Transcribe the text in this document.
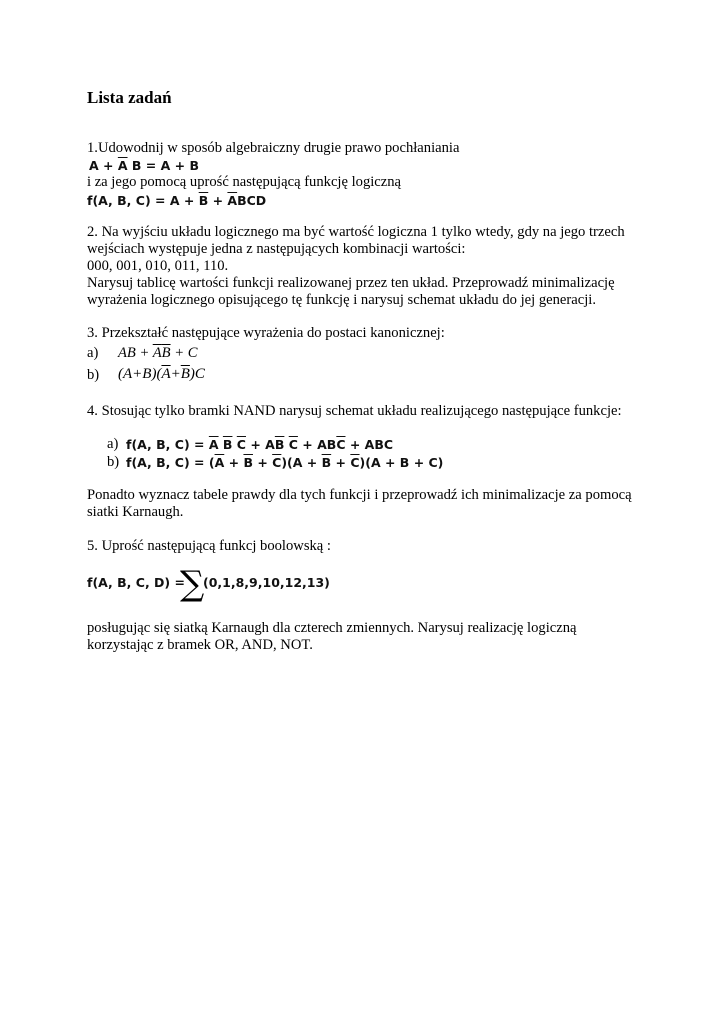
Lista zadań
1.Udowodnij w sposób algebraiczny drugie prawo pochłaniania
$A + \overline{A}$ B = A + B
i za jego pomocą uprość następującą funkcję logiczną
f(A, B, $C) = A + \overline{B} + \overline{A}BCD$
2. Na wyjściu układu logicznego ma być wartość logiczna 1 tylko wtedy, gdy na jego trzech
wejściach występuje jedna z następujących kombinacji wartości:
000, 001, 010, 011, 110.
Narysuj tablicę wartości funkcji realizowanej przez ten układ. Przeprowadź minimalizację
wyrażenia logicznego opisującego tę funkcję i narysuj schemat układu do jej generacji.
3. Przekształć następujące wyrażenia do postaci kanonicznej:
a) AB + $\overline{A}\overline{B} + C$
b) $(A+B)(\overline{A}+\overline{B})C$
4. Stosując tylko bramki NAND narysuj schemat układu realizującego następujące funkcje:
a) f(A, B, $C) = \overline{A}$ $\overline{B}$ $\overline{C} + A\overline{B}$ $\overline{C} + AB\overline{C}$ + ABC
b) f(A, B, $C) = (\overline{A} + \overline{B} + \overline{C})(A + \overline{B} + \overline{C})(A + B + C)$
Ponadto wyznacz tabele prawdy dla tych funkcji i przeprowadź ich minimalizacje za pomocą
siatki Karnaugh.
5. Uprość następującą funkcj boolowską :
f(A, B, C, D) =
∑
(0,1,8,9,10,12,13)
posługując się siatką Karnaugh dla czterech zmiennych. Narysuj realizację logiczną
korzystając z bramek OR, AND, NOT.
